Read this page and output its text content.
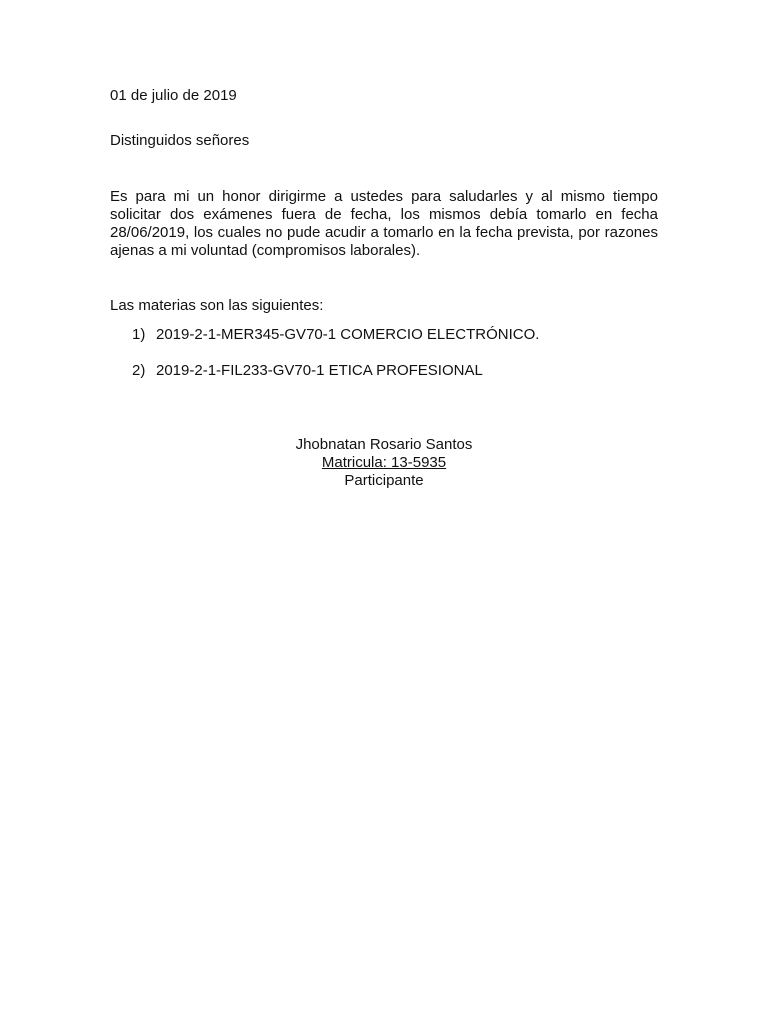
01 de julio de 2019
Distinguidos señores

Es para mi un honor dirigirme a ustedes para saludarles y al mismo tiempo solicitar dos exámenes fuera de fecha, los mismos debía tomarlo en fecha 28/06/2019, los cuales no pude acudir a tomarlo en la fecha prevista, por razones ajenas a mi voluntad (compromisos laborales).

Las materias son las siguientes:
1) 2019-2-1-MER345-GV70-1 COMERCIO ELECTRÓNICO.
2) 2019-2-1-FIL233-GV70-1 ETICA PROFESIONAL
Jhobnatan Rosario Santos
Matricula: 13-5935
Participante
